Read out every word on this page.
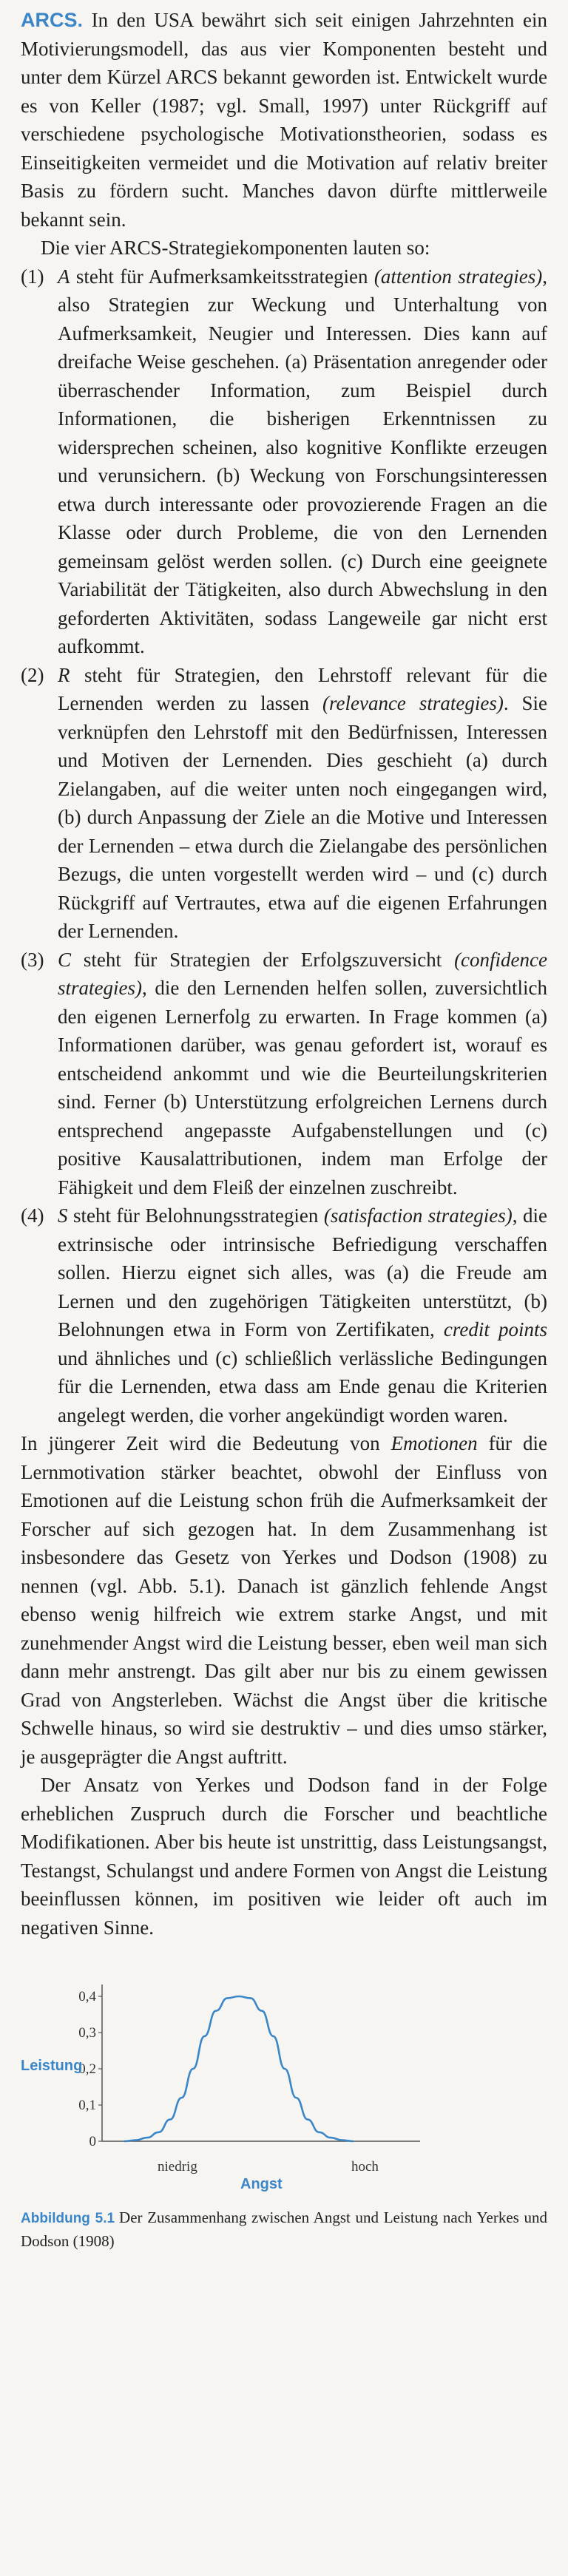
ARCS. In den USA bewährt sich seit einigen Jahrzehnten ein Motivierungsmodell, das aus vier Komponenten besteht und unter dem Kürzel ARCS bekannt geworden ist. Entwickelt wurde es von Keller (1987; vgl. Small, 1997) unter Rückgriff auf verschiedene psychologische Motivationstheorien, sodass es Einseitigkeiten vermeidet und die Motivation auf relativ breiter Basis zu fördern sucht. Manches davon dürfte mittlerweile bekannt sein.

Die vier ARCS-Strategiekomponenten lauten so:

(1) A steht für Aufmerksamkeitsstrategien (attention strategies), also Strategien zur Weckung und Unterhaltung von Aufmerksamkeit, Neugier und Interessen. Dies kann auf dreifache Weise geschehen. (a) Präsentation anregender oder überraschender Information, zum Beispiel durch Informationen, die bisherigen Erkenntnissen zu widersprechen scheinen, also kognitive Konflikte erzeugen und verunsichern. (b) Weckung von Forschungsinteressen etwa durch interessante oder provozierende Fragen an die Klasse oder durch Probleme, die von den Lernenden gemeinsam gelöst werden sollen. (c) Durch eine geeignete Variabilität der Tätigkeiten, also durch Abwechslung in den geforderten Aktivitäten, sodass Langeweile gar nicht erst aufkommt.

(2) R steht für Strategien, den Lehrstoff relevant für die Lernenden werden zu lassen (relevance strategies). Sie verknüpfen den Lehrstoff mit den Bedürfnissen, Interessen und Motiven der Lernenden. Dies geschieht (a) durch Zielangaben, auf die weiter unten noch eingegangen wird, (b) durch Anpassung der Ziele an die Motive und Interessen der Lernenden – etwa durch die Zielangabe des persönlichen Bezugs, die unten vorgestellt werden wird – und (c) durch Rückgriff auf Vertrautes, etwa auf die eigenen Erfahrungen der Lernenden.

(3) C steht für Strategien der Erfolgszuversicht (confidence strategies), die den Lernenden helfen sollen, zuversichtlich den eigenen Lernerfolg zu erwarten. In Frage kommen (a) Informationen darüber, was genau gefordert ist, worauf es entscheidend ankommt und wie die Beurteilungskriterien sind. Ferner (b) Unterstützung erfolgreichen Lernens durch entsprechend angepasste Aufgabenstellungen und (c) positive Kausalattributionen, indem man Erfolge der Fähigkeit und dem Fleiß der einzelnen zuschreibt.

(4) S steht für Belohnungsstrategien (satisfaction strategies), die extrinsische oder intrinsische Befriedigung verschaffen sollen. Hierzu eignet sich alles, was (a) die Freude am Lernen und den zugehörigen Tätigkeiten unterstützt, (b) Belohnungen etwa in Form von Zertifikaten, credit points und ähnliches und (c) schließlich verlässliche Bedingungen für die Lernenden, etwa dass am Ende genau die Kriterien angelegt werden, die vorher angekündigt worden waren.

In jüngerer Zeit wird die Bedeutung von Emotionen für die Lernmotivation stärker beachtet, obwohl der Einfluss von Emotionen auf die Leistung schon früh die Aufmerksamkeit der Forscher auf sich gezogen hat. In dem Zusammenhang ist insbesondere das Gesetz von Yerkes und Dodson (1908) zu nennen (vgl. Abb. 5.1). Danach ist gänzlich fehlende Angst ebenso wenig hilfreich wie extrem starke Angst, und mit zunehmender Angst wird die Leistung besser, eben weil man sich dann mehr anstrengt. Das gilt aber nur bis zu einem gewissen Grad von Angsterleben. Wächst die Angst über die kritische Schwelle hinaus, so wird sie destruktiv – und dies umso stärker, je ausgeprägter die Angst auftritt.

Der Ansatz von Yerkes und Dodson fand in der Folge erheblichen Zuspruch durch die Forscher und beachtliche Modifikationen. Aber bis heute ist unstrittig, dass Leistungsangst, Testangst, Schulangst und andere Formen von Angst die Leistung beeinflussen können, im positiven wie leider oft auch im negativen Sinne.

0
0,1
0,2
0,3
0,4
Leistung
niedrig	hoch
Angst

Abbildung 5.1 Der Zusammenhang zwischen Angst und Leistung nach Yerkes und Dodson (1908)
